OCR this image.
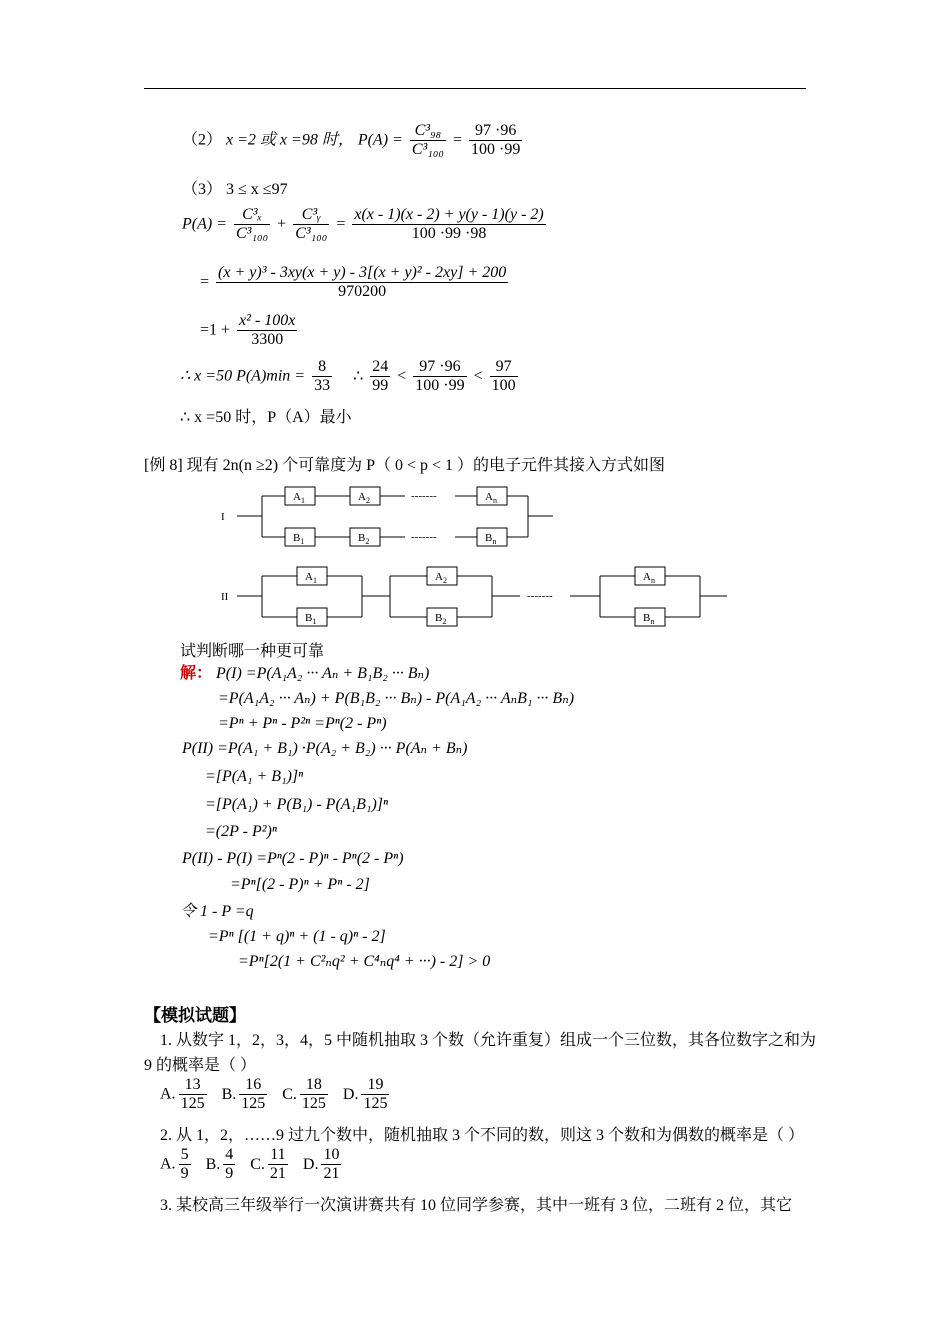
（2） x =2 或 x =98 时， $P(A) = \frac{\text{C³₉₈}}{\text{C³₁₀₀}} = \frac{97 \cdot 96}{100 \cdot 99}$
（3） 3 ≤ x ≤97
$P(A) = \frac{\text{C³ₓ}}{\text{C³₁₀₀}} + \frac{\text{C³ᵧ}}{\text{C³₁₀₀}} = \frac{x(x - 1)(x - 2) + y(y - 1)(y - 2)}{100 \cdot 99 \cdot 98}$
= $\frac{\text{(x + y)³ - 3xy(x + y) - 3[(x + y)² - 2xy] + 200}}{970200}$
$=1 + \frac{\text{x² - 100x}}{3300}$
∴ x =50 $P(A)\min = \frac{8}{33}$ ∴ $\frac{24}{99} < \frac{97 \cdot 96}{100 \cdot 99} < \frac{97}{100}$
∴ x =50 时，P（A）最小
[例 8] 现有 2n(n ≥2) 个可靠度为 P（ 0 < p < 1 ）的电子元件其接入方式如图
I
$A_1$	$A_2$	-------	$A_n$
$B_1$	$B_2$	-------	$B_n$
II
$A_1$
$B_1$
$A_2$
$B_2$
-------
$A_n$
$B_n$
试判断哪一种更可靠
解： P(I) =P(A₁A₂ ··· Aₙ + B₁B₂ ··· Bₙ)
=P(A₁A₂ ··· Aₙ) + P(B₁B₂ ··· Bₙ) - P(A₁A₂ ··· AₙB₁ ··· Bₙ)
=Pⁿ + Pⁿ - P²ⁿ =Pⁿ(2 - Pⁿ)
P(II) =P(A₁ + B₁) ·P(A₂ + B₂) ··· P(Aₙ + Bₙ)
=[P(A₁ + B₁)]ⁿ
=[P(A₁) + P(B₁) - P(A₁B₁)]ⁿ
=(2P - P²)ⁿ
P(II) - P(I) =Pⁿ(2 - P)ⁿ - Pⁿ(2 - Pⁿ)
=Pⁿ[(2 - P)ⁿ + Pⁿ - 2]
令 1 - P =q
=Pⁿ [(1 + q)ⁿ + (1 - q)ⁿ - 2]
=Pⁿ[2(1 + C²ₙq² + C⁴ₙq⁴ + ···) - 2] > 0
【模拟试题】
1. 从数字 1，2，3，4，5 中随机抽取 3 个数（允许重复）组成一个三位数，其各位数字之和为
9 的概率是（ ）
A. $\frac{13}{125} B$. $\frac{16}{125} C$. $\frac{18}{125} D$. $\frac{19}{125}$
2. 从 1，2，……9 过九个数中，随机抽取 3 个不同的数，则这 3 个数和为偶数的概率是（ ）
A. $\frac{5}{9} B$. $\frac{4}{9} C$. $\frac{11}{21} D$. $\frac{10}{21}$
3. 某校高三年级举行一次演讲赛共有 10 位同学参赛，其中一班有 3 位，二班有 2 位，其它
